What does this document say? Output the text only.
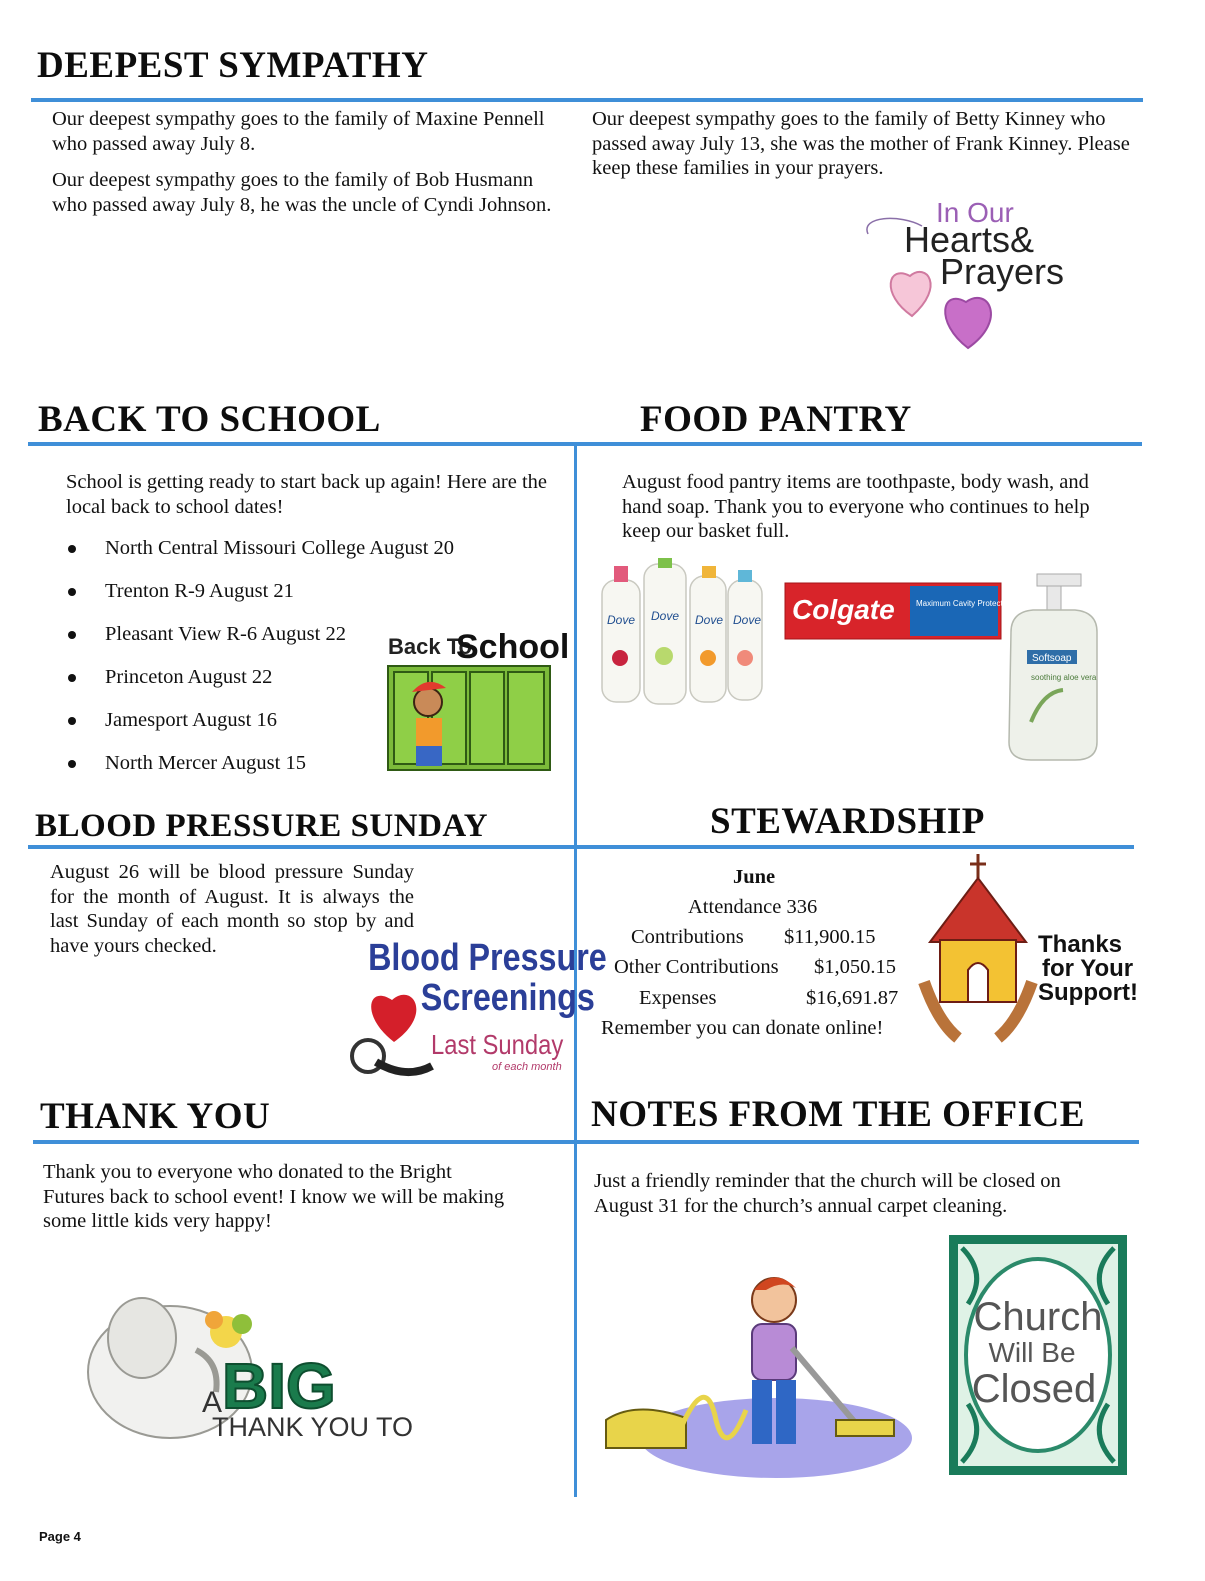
DEEPEST SYMPATHY

Our deepest sympathy goes to the family of Maxine Pennell who passed away July 8.

Our deepest sympathy goes to the family of Bob Husmann who passed away July 8, he was the uncle of Cyndi Johnson.

Our deepest sympathy goes to the family of Betty Kinney who passed away July 13, she was the mother of Frank Kinney. Please keep these families in your prayers.

In Our
Hearts&
Prayers
BACK TO SCHOOL	FOOD PANTRY

School is getting ready to start back up again! Here are the local back to school dates!

North Central Missouri College August 20
Trenton R-9 August 21
Pleasant View R-6 August 22
Princeton August 22
Jamesport August 16
North Mercer August 15
Back To
School

August food pantry items are toothpaste, body wash, and hand soap. Thank you to everyone who continues to help keep our basket full.

Dove Dove Dove Dove Colgate	Maximum Cavity Protection
Softsoap
soothing aloe vera
BLOOD PRESSURE SUNDAY	STEWARDSHIP

August 26 will be blood pressure Sunday for the month of August. It is always the last Sunday of each month so stop by and have yours checked.	Blood Pressure
Screenings
Last Sunday
of each month
June
Attendance 336
Contributions $11,900.15
Other Contributions $1,050.15
Expenses	$16,691.87
Remember you can donate online!
Thanks
for Your
Support!
THANK YOU	NOTES FROM THE OFFICE

Thank you to everyone who donated to the Bright Futures back to school event! I know we will be making some little kids very happy!

Just a friendly reminder that the church will be closed on August 31 for the church’s annual carpet cleaning.

A BIG
THANK YOU TO
Church
Will Be
Closed
Page 4
